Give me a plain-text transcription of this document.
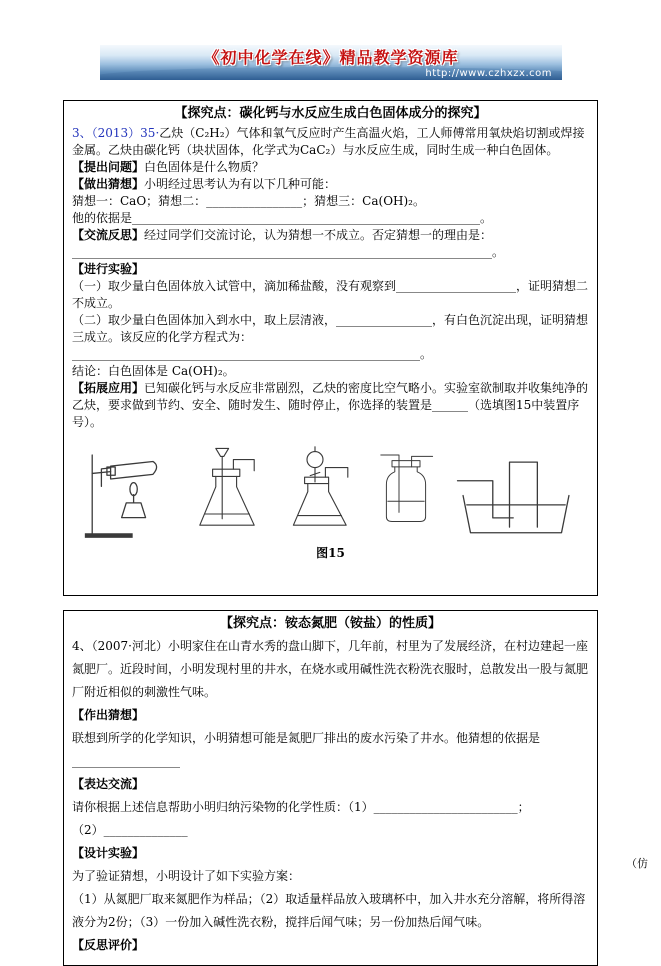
《初中化学在线》精品教学资源库
http://www.czhxzx.com

【探究点：碳化钙与水反应生成白色固体成分的探究】

3、（2013）35·乙炔（C₂H₂）气体和氧气反应时产生高温火焰，工人师傅常用氧炔焰切割或焊接金属。乙炔由碳化钙（块状固体，化学式为CaC₂）与水反应生成，同时生成一种白色固体。

【提出问题】白色固体是什么物质？

【做出猜想】小明经过思考认为有以下几种可能：

猜想一：CaO；猜想二：________________；猜想三：Ca(OH)₂。

他的依据是__________________________________________________________。

【交流反思】经过同学们交流讨论，认为猜想一不成立。否定猜想一的理由是：

______________________________________________________________________。

【进行实验】

（一）取少量白色固体放入试管中，滴加稀盐酸，没有观察到____________________，证明猜想二不成立。

（二）取少量白色固体加入到水中，取上层清液，________________，有白色沉淀出现，证明猜想三成立。该反应的化学方程式为：

__________________________________________________________。

结论：白色固体是 Ca(OH)₂。

【拓展应用】已知碳化钙与水反应非常剧烈，乙炔的密度比空气略小。实验室欲制取并收集纯净的乙炔，要求做到节约、安全、随时发生、随时停止，你选择的装置是______（选填图15中装置序号）。

图15

【探究点：铵态氮肥（铵盐）的性质】

4、（2007·河北）小明家住在山青水秀的盘山脚下，几年前，村里为了发展经济，在村边建起一座氮肥厂。近段时间，小明发现村里的井水，在烧水或用碱性洗衣粉洗衣服时，总散发出一股与氮肥厂附近相似的刺激性气味。

【作出猜想】

联想到所学的化学知识，小明猜想可能是氮肥厂排出的废水污染了井水。他猜想的依据是

__________________

【表达交流】

请你根据上述信息帮助小明归纳污染物的化学性质：（1）________________________；

（2）______________

【设计实验】

为了验证猜想，小明设计了如下实验方案：

（1）从氮肥厂取来氮肥作为样品；（2）取适量样品放入玻璃杯中，加入井水充分溶解，将所得溶液分为2份；（3）一份加入碱性洗衣粉，搅拌后闻气味；另一份加热后闻气味。

【反思评价】

（仿
